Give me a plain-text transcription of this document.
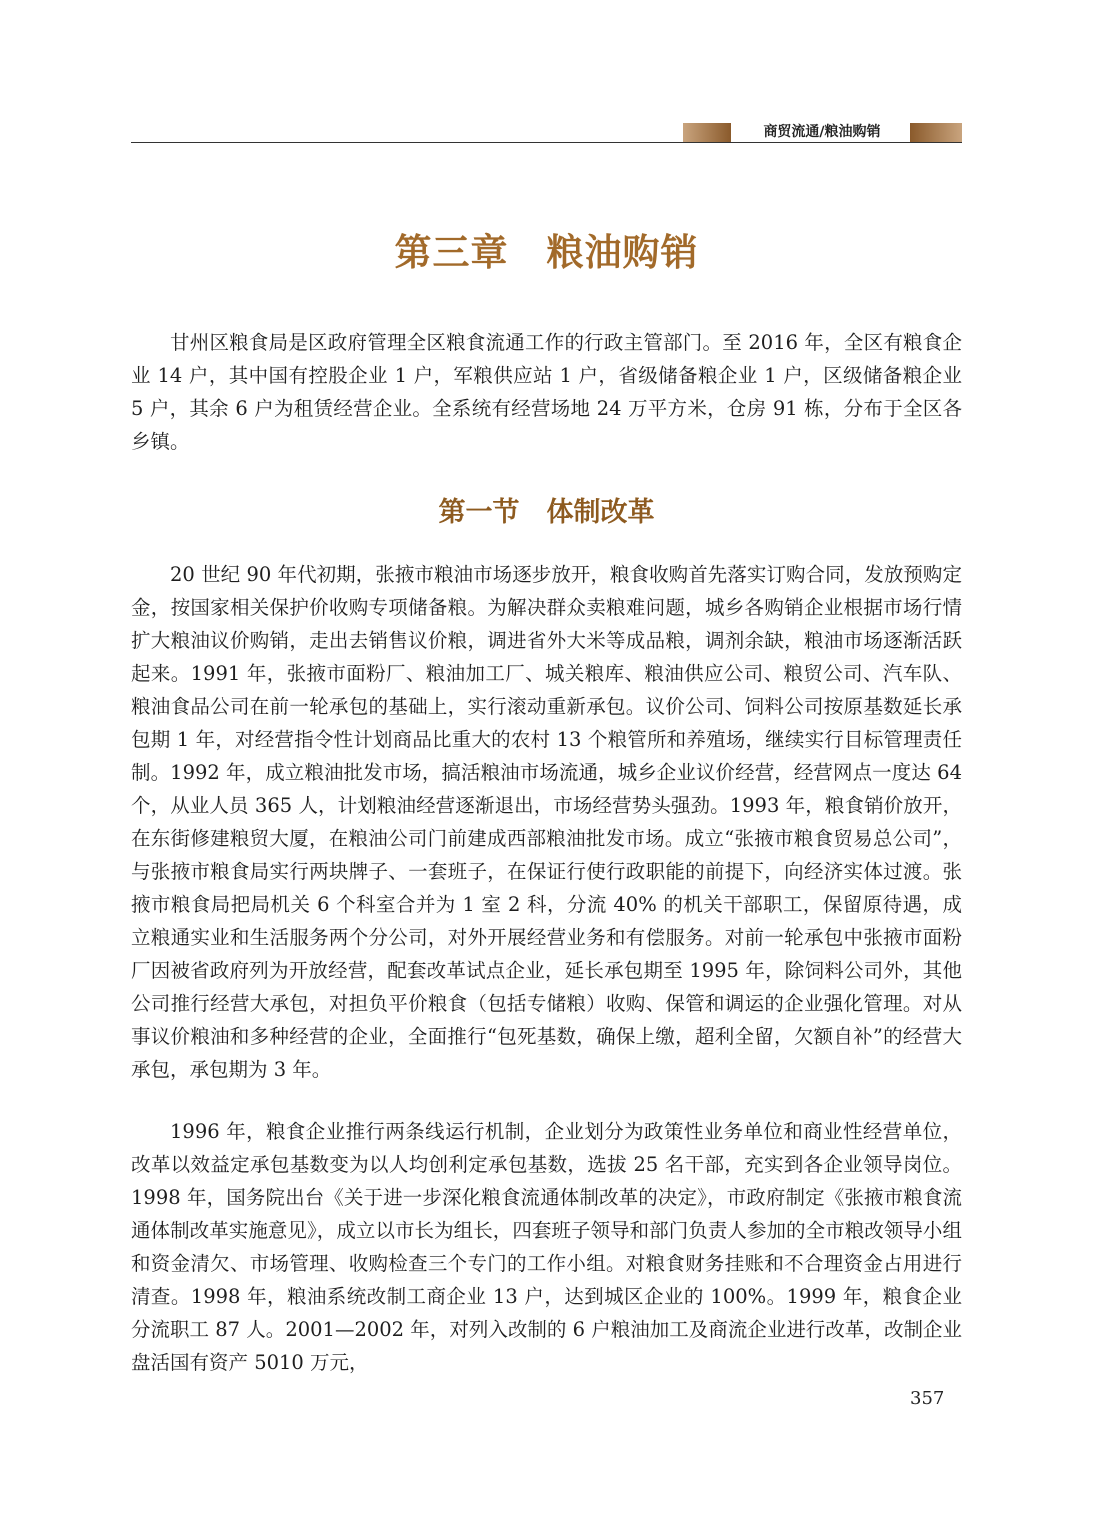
商贸流通∕粮油购销
第三章　粮油购销

甘州区粮食局是区政府管理全区粮食流通工作的行政主管部门。至 2016 年，全区有粮食企业 14 户，其中国有控股企业 1 户，军粮供应站 1 户，省级储备粮企业 1 户，区级储备粮企业 5 户，其余 6 户为租赁经营企业。全系统有经营场地 24 万平方米，仓房 91 栋，分布于全区各乡镇。

第一节　体制改革

20 世纪 90 年代初期，张掖市粮油市场逐步放开，粮食收购首先落实订购合同，发放预购定金，按国家相关保护价收购专项储备粮。为解决群众卖粮难问题，城乡各购销企业根据市场行情扩大粮油议价购销，走出去销售议价粮，调进省外大米等成品粮，调剂余缺，粮油市场逐渐活跃起来。1991 年，张掖市面粉厂、粮油加工厂、城关粮库、粮油供应公司、粮贸公司、汽车队、粮油食品公司在前一轮承包的基础上，实行滚动重新承包。议价公司、饲料公司按原基数延长承包期 1 年，对经营指令性计划商品比重大的农村 13 个粮管所和养殖场，继续实行目标管理责任制。1992 年，成立粮油批发市场，搞活粮油市场流通，城乡企业议价经营，经营网点一度达 64 个，从业人员 365 人，计划粮油经营逐渐退出，市场经营势头强劲。1993 年，粮食销价放开，在东街修建粮贸大厦，在粮油公司门前建成西部粮油批发市场。成立“张掖市粮食贸易总公司”，与张掖市粮食局实行两块牌子、一套班子，在保证行使行政职能的前提下，向经济实体过渡。张掖市粮食局把局机关 6 个科室合并为 1 室 2 科，分流 40% 的机关干部职工，保留原待遇，成立粮通实业和生活服务两个分公司，对外开展经营业务和有偿服务。对前一轮承包中张掖市面粉厂因被省政府列为开放经营，配套改革试点企业，延长承包期至 1995 年，除饲料公司外，其他公司推行经营大承包，对担负平价粮食（包括专储粮）收购、保管和调运的企业强化管理。对从事议价粮油和多种经营的企业，全面推行“包死基数，确保上缴，超利全留，欠额自补”的经营大承包，承包期为 3 年。

1996 年，粮食企业推行两条线运行机制，企业划分为政策性业务单位和商业性经营单位，改革以效益定承包基数变为以人均创利定承包基数，选拔 25 名干部，充实到各企业领导岗位。1998 年，国务院出台《关于进一步深化粮食流通体制改革的决定》，市政府制定《张掖市粮食流通体制改革实施意见》，成立以市长为组长，四套班子领导和部门负责人参加的全市粮改领导小组和资金清欠、市场管理、收购检查三个专门的工作小组。对粮食财务挂账和不合理资金占用进行清查。1998 年，粮油系统改制工商企业 13 户，达到城区企业的 100%。1999 年，粮食企业分流职工 87 人。2001—2002 年，对列入改制的 6 户粮油加工及商流企业进行改革，改制企业盘活国有资产 5010 万元，

357
